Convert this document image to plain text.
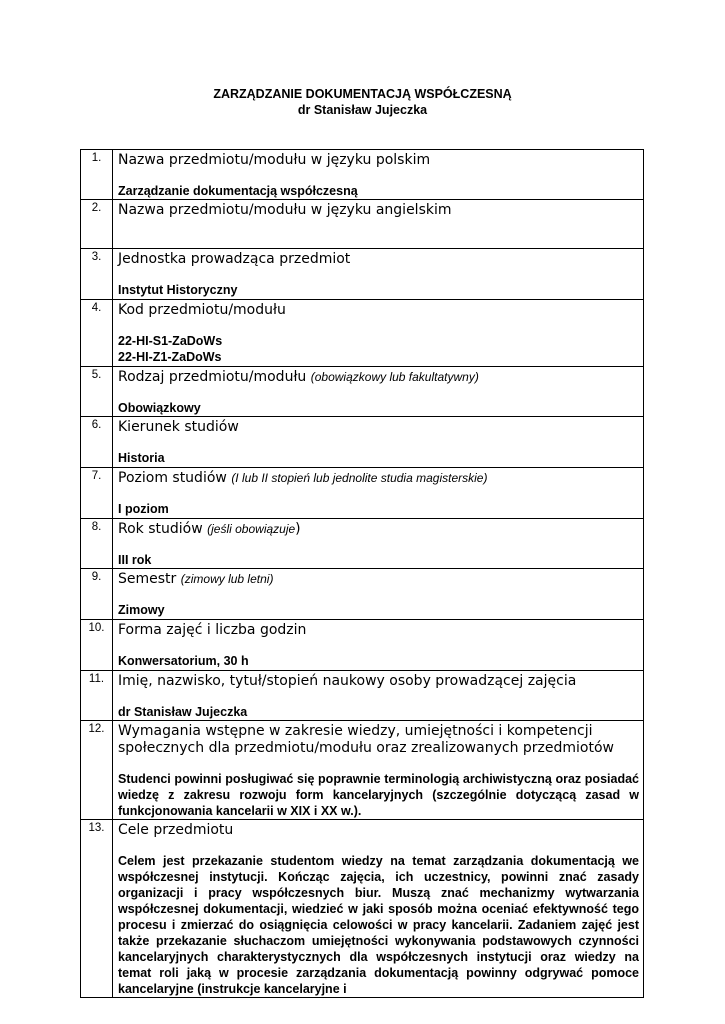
ZARZĄDZANIE DOKUMENTACJĄ WSPÓŁCZESNĄ
dr Stanisław Jujeczka
1.	Nazwa przedmiotu/modułu w języku polskim
Zarządzanie dokumentacją współczesną

2.	Nazwa przedmiotu/modułu w języku angielskim

3.	Jednostka prowadząca przedmiot
Instytut Historyczny

4.	Kod przedmiotu/modułu
22-HI-S1-ZaDoWs
22-HI-Z1-ZaDoWs

5.	Rodzaj przedmiotu/modułu (obowiązkowy lub fakultatywny)
Obowiązkowy

6.	Kierunek studiów
Historia

7.	Poziom studiów (I lub II stopień lub jednolite studia magisterskie)
I poziom

8.	Rok studiów (jeśli obowiązuje)
III rok

9.	Semestr (zimowy lub letni)
Zimowy

10.	Forma zajęć i liczba godzin
Konwersatorium, 30 h

11.	Imię, nazwisko, tytuł/stopień naukowy osoby prowadzącej zajęcia
dr Stanisław Jujeczka

12.	Wymagania wstępne w zakresie wiedzy, umiejętności i kompetencji społecznych dla przedmiotu/modułu oraz zrealizowanych przedmiotów
Studenci powinni posługiwać się poprawnie terminologią archiwistyczną oraz posiadać wiedzę z zakresu rozwoju form kancelaryjnych (szczególnie dotyczącą zasad w funkcjonowania kancelarii w XIX i XX w.).

13.	Cele przedmiotu
Celem jest przekazanie studentom wiedzy na temat zarządzania dokumentacją we współczesnej instytucji. Kończąc zajęcia, ich uczestnicy, powinni znać zasady organizacji i pracy współczesnych biur. Muszą znać mechanizmy wytwarzania współczesnej dokumentacji, wiedzieć w jaki sposób można oceniać efektywność tego procesu i zmierzać do osiągnięcia celowości w pracy kancelarii. Zadaniem zajęć jest także przekazanie słuchaczom umiejętności wykonywania podstawowych czynności kancelaryjnych charakterystycznych dla współczesnych instytucji oraz wiedzy na temat roli jaką w procesie zarządzania dokumentacją powinny odgrywać pomoce kancelaryjne (instrukcje kancelaryjne i
